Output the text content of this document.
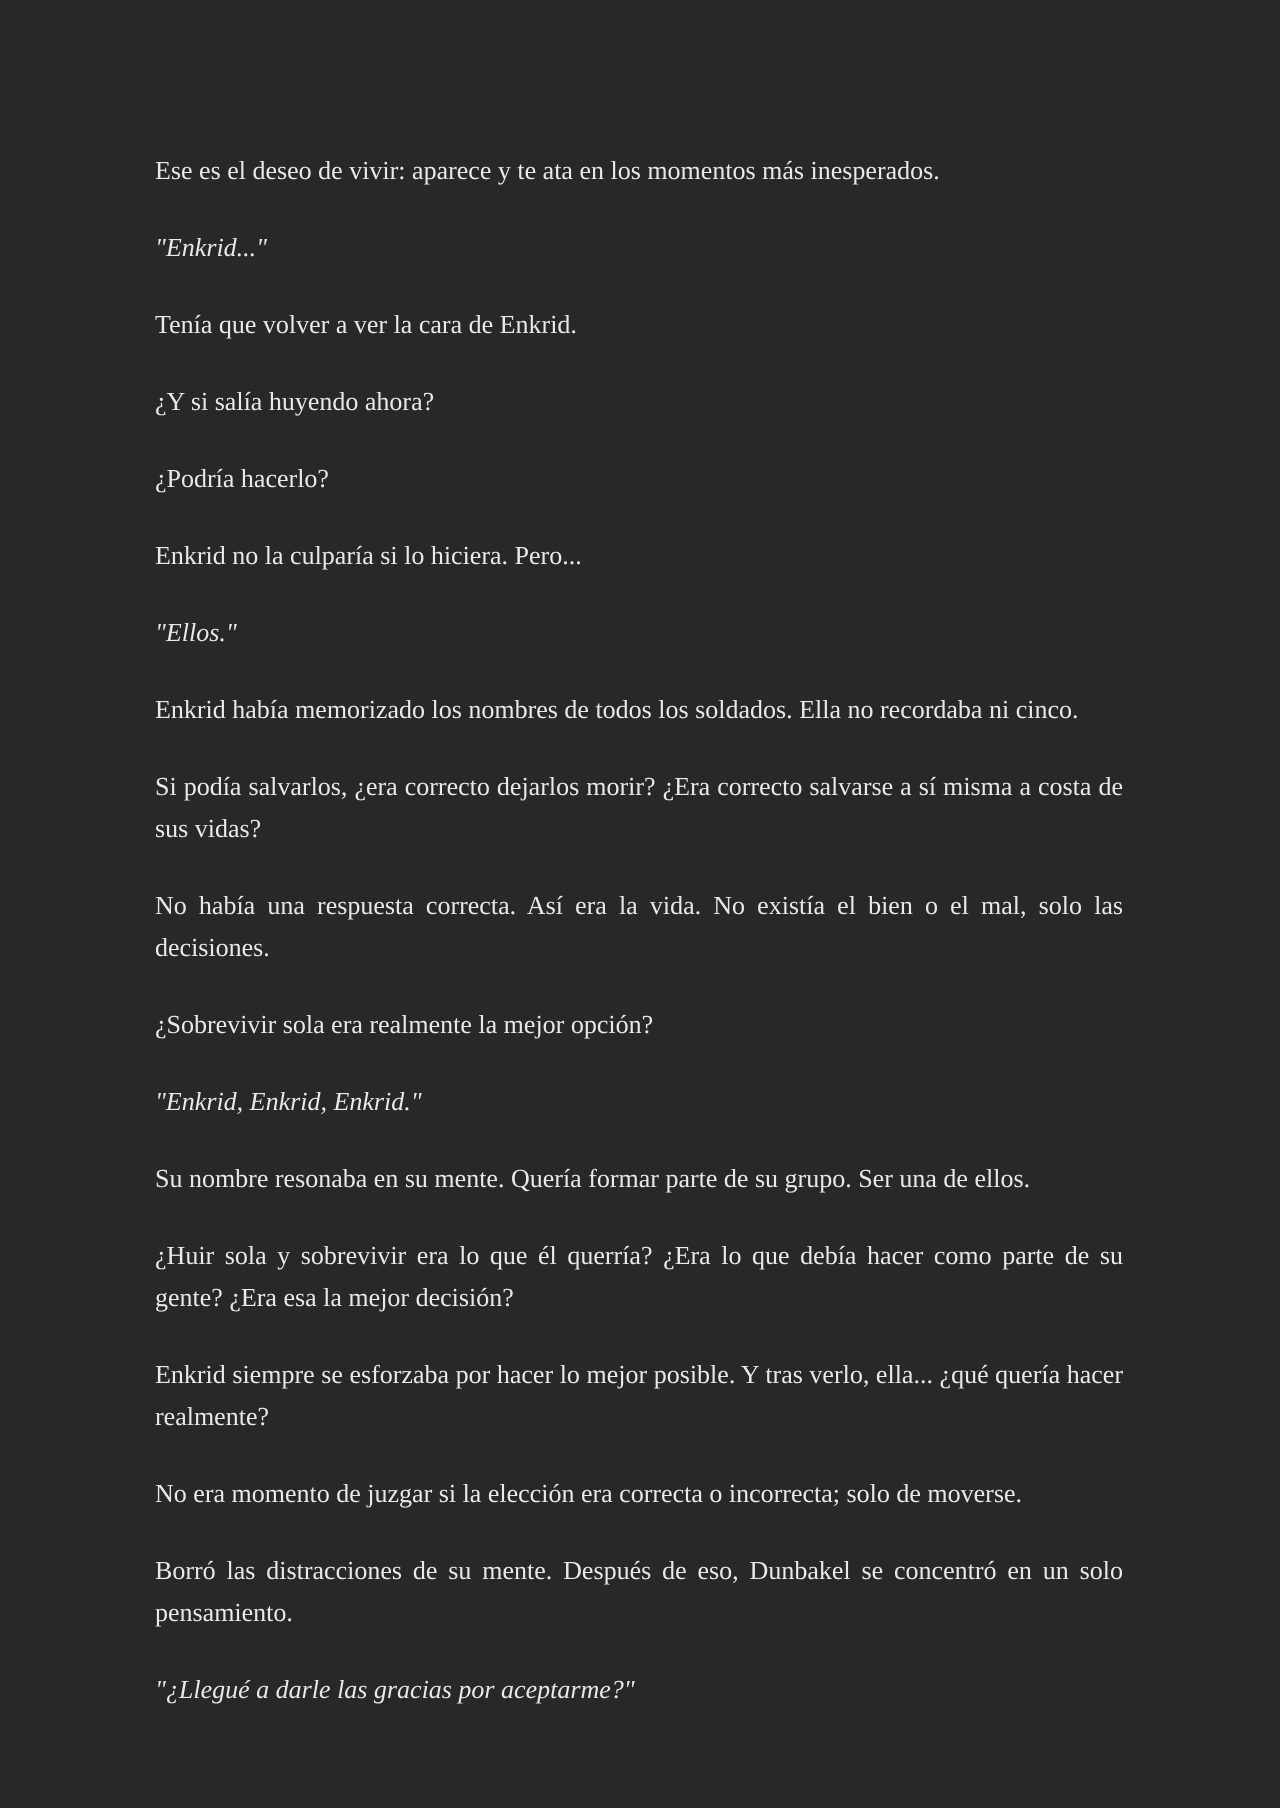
Ese es el deseo de vivir: aparece y te ata en los momentos más inesperados.

"Enkrid..."

Tenía que volver a ver la cara de Enkrid.

¿Y si salía huyendo ahora?

¿Podría hacerlo?

Enkrid no la culparía si lo hiciera. Pero...

"Ellos."

Enkrid había memorizado los nombres de todos los soldados. Ella no recordaba ni cinco.

Si podía salvarlos, ¿era correcto dejarlos morir? ¿Era correcto salvarse a sí misma a costa de sus vidas?

No había una respuesta correcta. Así era la vida. No existía el bien o el mal, solo las decisiones.

¿Sobrevivir sola era realmente la mejor opción?

"Enkrid, Enkrid, Enkrid."

Su nombre resonaba en su mente. Quería formar parte de su grupo. Ser una de ellos.

¿Huir sola y sobrevivir era lo que él querría? ¿Era lo que debía hacer como parte de su gente? ¿Era esa la mejor decisión?

Enkrid siempre se esforzaba por hacer lo mejor posible. Y tras verlo, ella... ¿qué quería hacer realmente?

No era momento de juzgar si la elección era correcta o incorrecta; solo de moverse.

Borró las distracciones de su mente. Después de eso, Dunbakel se concentró en un solo pensamiento.

"¿Llegué a darle las gracias por aceptarme?"
